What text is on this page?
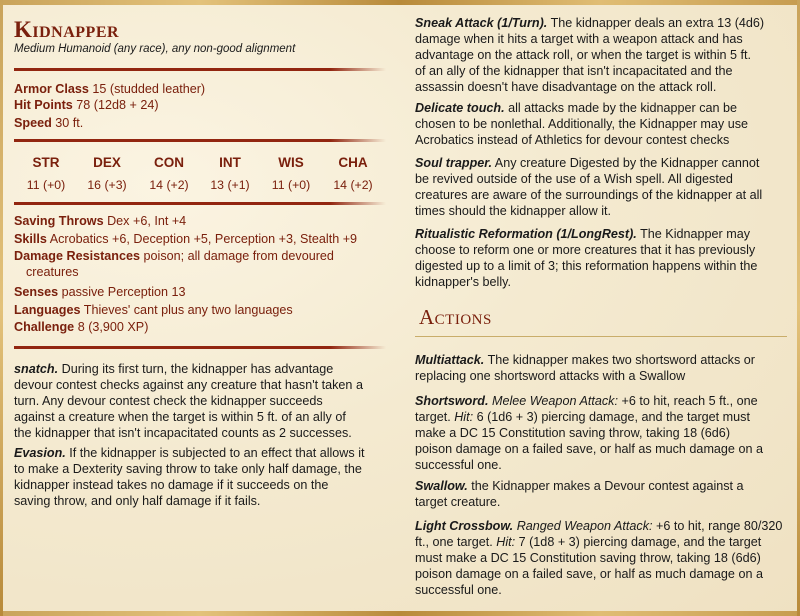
Kidnapper
Medium Humanoid (any race), any non-good alignment
Armor Class 15 (studded leather)
Hit Points 78 (12d8 + 24)
Speed 30 ft.
STR
11 (+0)
DEX
16 (+3)
CON
14 (+2)
INT
13 (+1)
WIS
11 (+0)
CHA
14 (+2)
Saving Throws Dex +6, Int +4
Skills Acrobatics +6, Deception +5, Perception +3, Stealth +9
Damage Resistances poison; all damage from devoured
creatures
Senses passive Perception 13
Languages Thieves' cant plus any two languages
Challenge 8 (3,900 XP)
snatch. During its first turn, the kidnapper has advantage
devour contest checks against any creature that hasn't taken a
turn. Any devour contest check the kidnapper succeeds
against a creature when the target is within 5 ft. of an ally of
the kidnapper that isn't incapacitated counts as 2 successes.
Evasion. If the kidnapper is subjected to an effect that allows it
to make a Dexterity saving throw to take only half damage, the
kidnapper instead takes no damage if it succeeds on the
saving throw, and only half damage if it fails.
Sneak Attack (1/Turn). The kidnapper deals an extra 13 (4d6)
damage when it hits a target with a weapon attack and has
advantage on the attack roll, or when the target is within 5 ft.
of an ally of the kidnapper that isn't incapacitated and the
assassin doesn't have disadvantage on the attack roll.
Delicate touch. all attacks made by the kidnapper can be
chosen to be nonlethal. Additionally, the Kidnapper may use
Acrobatics instead of Athletics for devour contest checks
Soul trapper. Any creature Digested by the Kidnapper cannot
be revived outside of the use of a Wish spell. All digested
creatures are aware of the surroundings of the kidnapper at all
times should the kidnapper allow it.
Ritualistic Reformation (1/LongRest). The Kidnapper may
choose to reform one or more creatures that it has previously
digested up to a limit of 3; this reformation happens within the
kidnapper's belly.
Actions
Multiattack. The kidnapper makes two shortsword attacks or
replacing one shortsword attacks with a Swallow
Shortsword. Melee Weapon Attack: +6 to hit, reach 5 ft., one
target. Hit: 6 (1d6 + 3) piercing damage, and the target must
make a DC 15 Constitution saving throw, taking 18 (6d6)
poison damage on a failed save, or half as much damage on a
successful one.
Swallow. the Kidnapper makes a Devour contest against a
target creature.
Light Crossbow. Ranged Weapon Attack: +6 to hit, range 80/320
ft., one target. Hit: 7 (1d8 + 3) piercing damage, and the target
must make a DC 15 Constitution saving throw, taking 18 (6d6)
poison damage on a failed save, or half as much damage on a
successful one.
